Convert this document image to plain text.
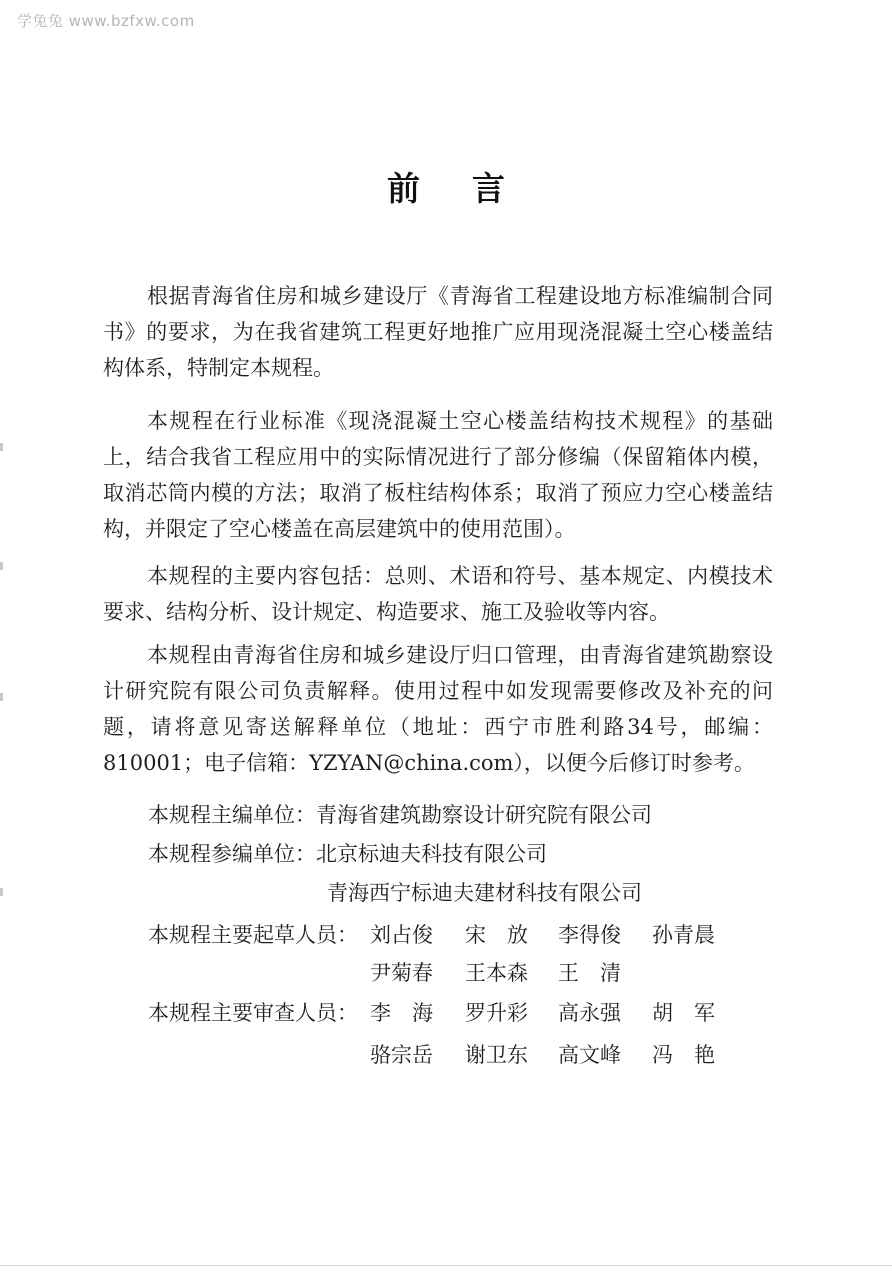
学兔兔 www.bzfxw.com
前言
根据青海省住房和城乡建设厅《青海省工程建设地方标准编制合同书》的要求，为在我省建筑工程更好地推广应用现浇混凝土空心楼盖结构体系，特制定本规程。
本规程在行业标准《现浇混凝土空心楼盖结构技术规程》的基础上，结合我省工程应用中的实际情况进行了部分修编（保留箱体内模，取消芯筒内模的方法；取消了板柱结构体系；取消了预应力空心楼盖结构，并限定了空心楼盖在高层建筑中的使用范围）。
本规程的主要内容包括：总则、术语和符号、基本规定、内模技术要求、结构分析、设计规定、构造要求、施工及验收等内容。
本规程由青海省住房和城乡建设厅归口管理，由青海省建筑勘察设计研究院有限公司负责解释。使用过程中如发现需要修改及补充的问题，请将意见寄送解释单位（地址：西宁市胜利路34号，邮编：810001；电子信箱：YZYAN@china.com），以便今后修订时参考。
本规程主编单位： 青海省建筑勘察设计研究院有限公司
本规程参编单位： 北京标迪夫科技有限公司
青海西宁标迪夫建材科技有限公司
本规程主要起草人员： 刘占俊 宋　放 李得俊 孙青晨
尹菊春 王本森 王　清
本规程主要审查人员： 李　海 罗升彩 高永强 胡　军
骆宗岳 谢卫东 高文峰 冯　艳
